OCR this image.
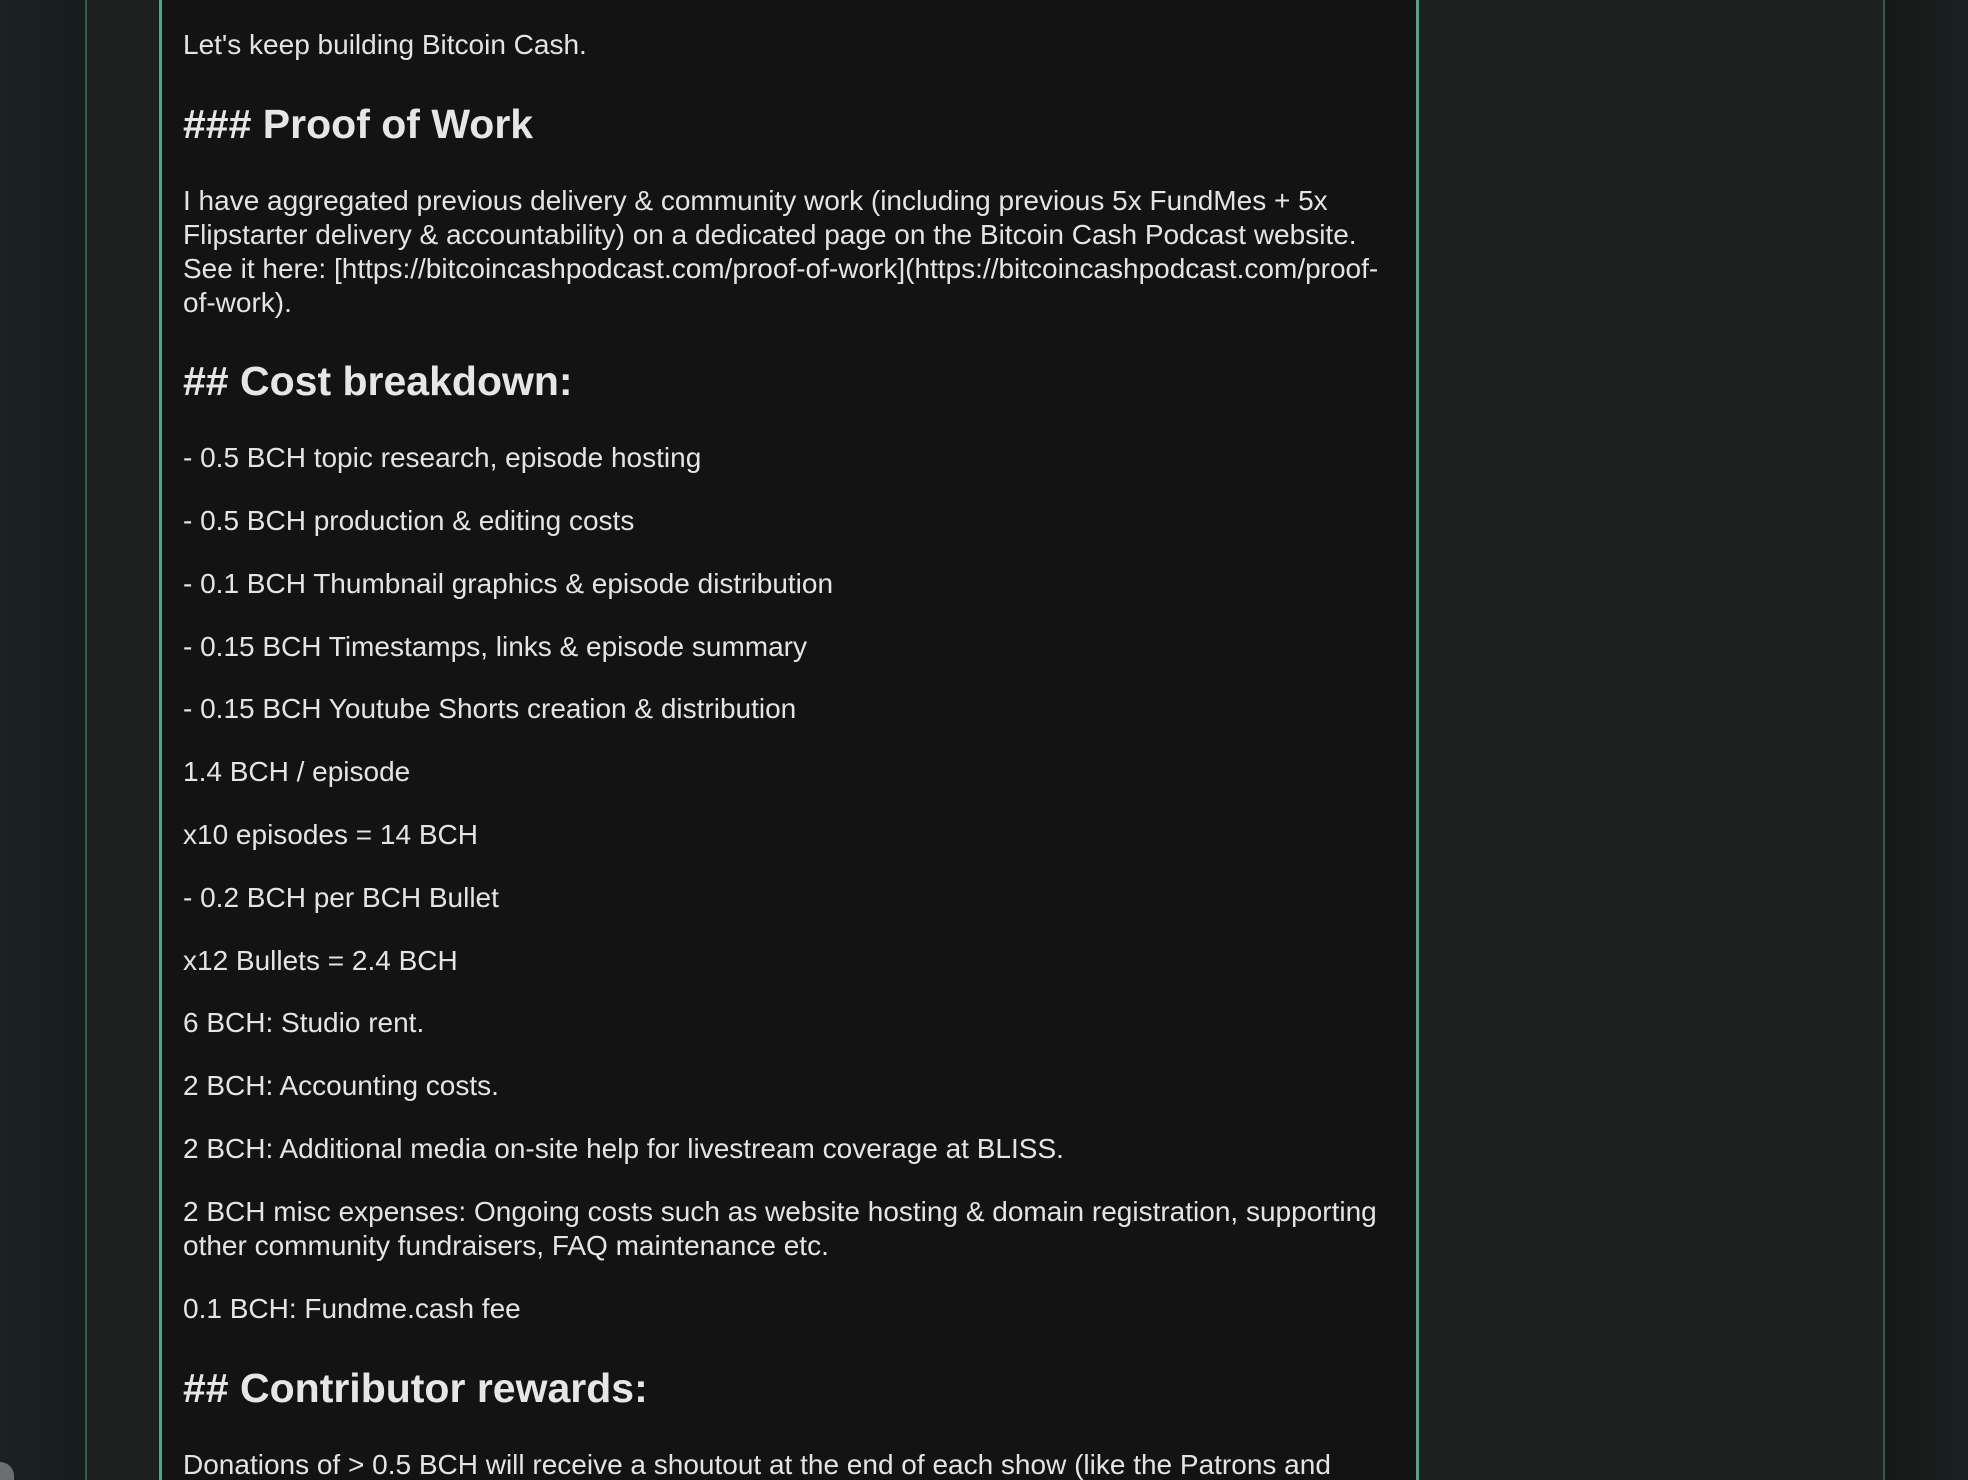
Let's keep building Bitcoin Cash.

### Proof of Work

I have aggregated previous delivery & community work (including previous 5x FundMes + 5x Flipstarter delivery & accountability) on a dedicated page on the Bitcoin Cash Podcast website. See it here: [https://bitcoincashpodcast.com/proof-of-work](https://bitcoincashpodcast.com/proof-of-work).

## Cost breakdown:

- 0.5 BCH topic research, episode hosting

- 0.5 BCH production & editing costs

- 0.1 BCH Thumbnail graphics & episode distribution

- 0.15 BCH Timestamps, links & episode summary

- 0.15 BCH Youtube Shorts creation & distribution

1.4 BCH / episode

x10 episodes = 14 BCH

- 0.2 BCH per BCH Bullet

x12 Bullets = 2.4 BCH

6 BCH: Studio rent.

2 BCH: Accounting costs.

2 BCH: Additional media on-site help for livestream coverage at BLISS.

2 BCH misc expenses: Ongoing costs such as website hosting & domain registration, supporting other community fundraisers, FAQ maintenance etc.

0.1 BCH: Fundme.cash fee

## Contributor rewards:

Donations of > 0.5 BCH will receive a shoutout at the end of each show (like the Patrons and
